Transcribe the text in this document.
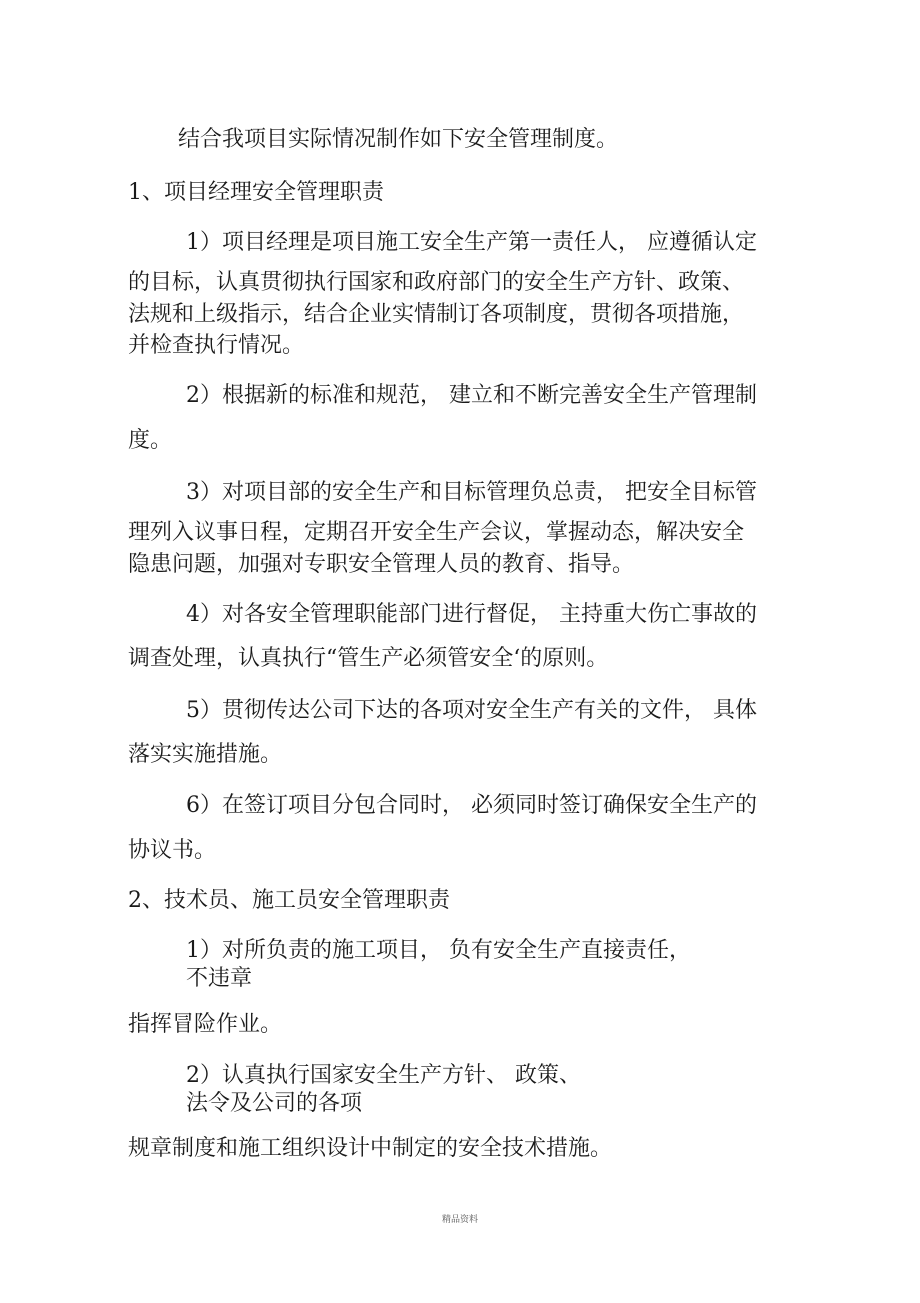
结合我项目实际情况制作如下安全管理制度。
1、项目经理安全管理职责
1）项目经理是项目施工安全生产第一责任人， 应遵循认定
的目标，认真贯彻执行国家和政府部门的安全生产方针、政策、
法规和上级指示，结合企业实情制订各项制度，贯彻各项措施，
并检查执行情况。
2）根据新的标准和规范， 建立和不断完善安全生产管理制
度。
3）对项目部的安全生产和目标管理负总责， 把安全目标管
理列入议事日程，定期召开安全生产会议，掌握动态，解决安全
隐患问题，加强对专职安全管理人员的教育、指导。
4）对各安全管理职能部门进行督促， 主持重大伤亡事故的
调查处理，认真执行“管生产必须管安全‘的原则。
5）贯彻传达公司下达的各项对安全生产有关的文件， 具体
落实实施措施。
6）在签订项目分包合同时， 必须同时签订确保安全生产的
协议书。
2、技术员、施工员安全管理职责
1）对所负责的施工项目， 负有安全生产直接责任，
不违章
指挥冒险作业。
2）认真执行国家安全生产方针、 政策、
法令及公司的各项
规章制度和施工组织设计中制定的安全技术措施。
精品资料
